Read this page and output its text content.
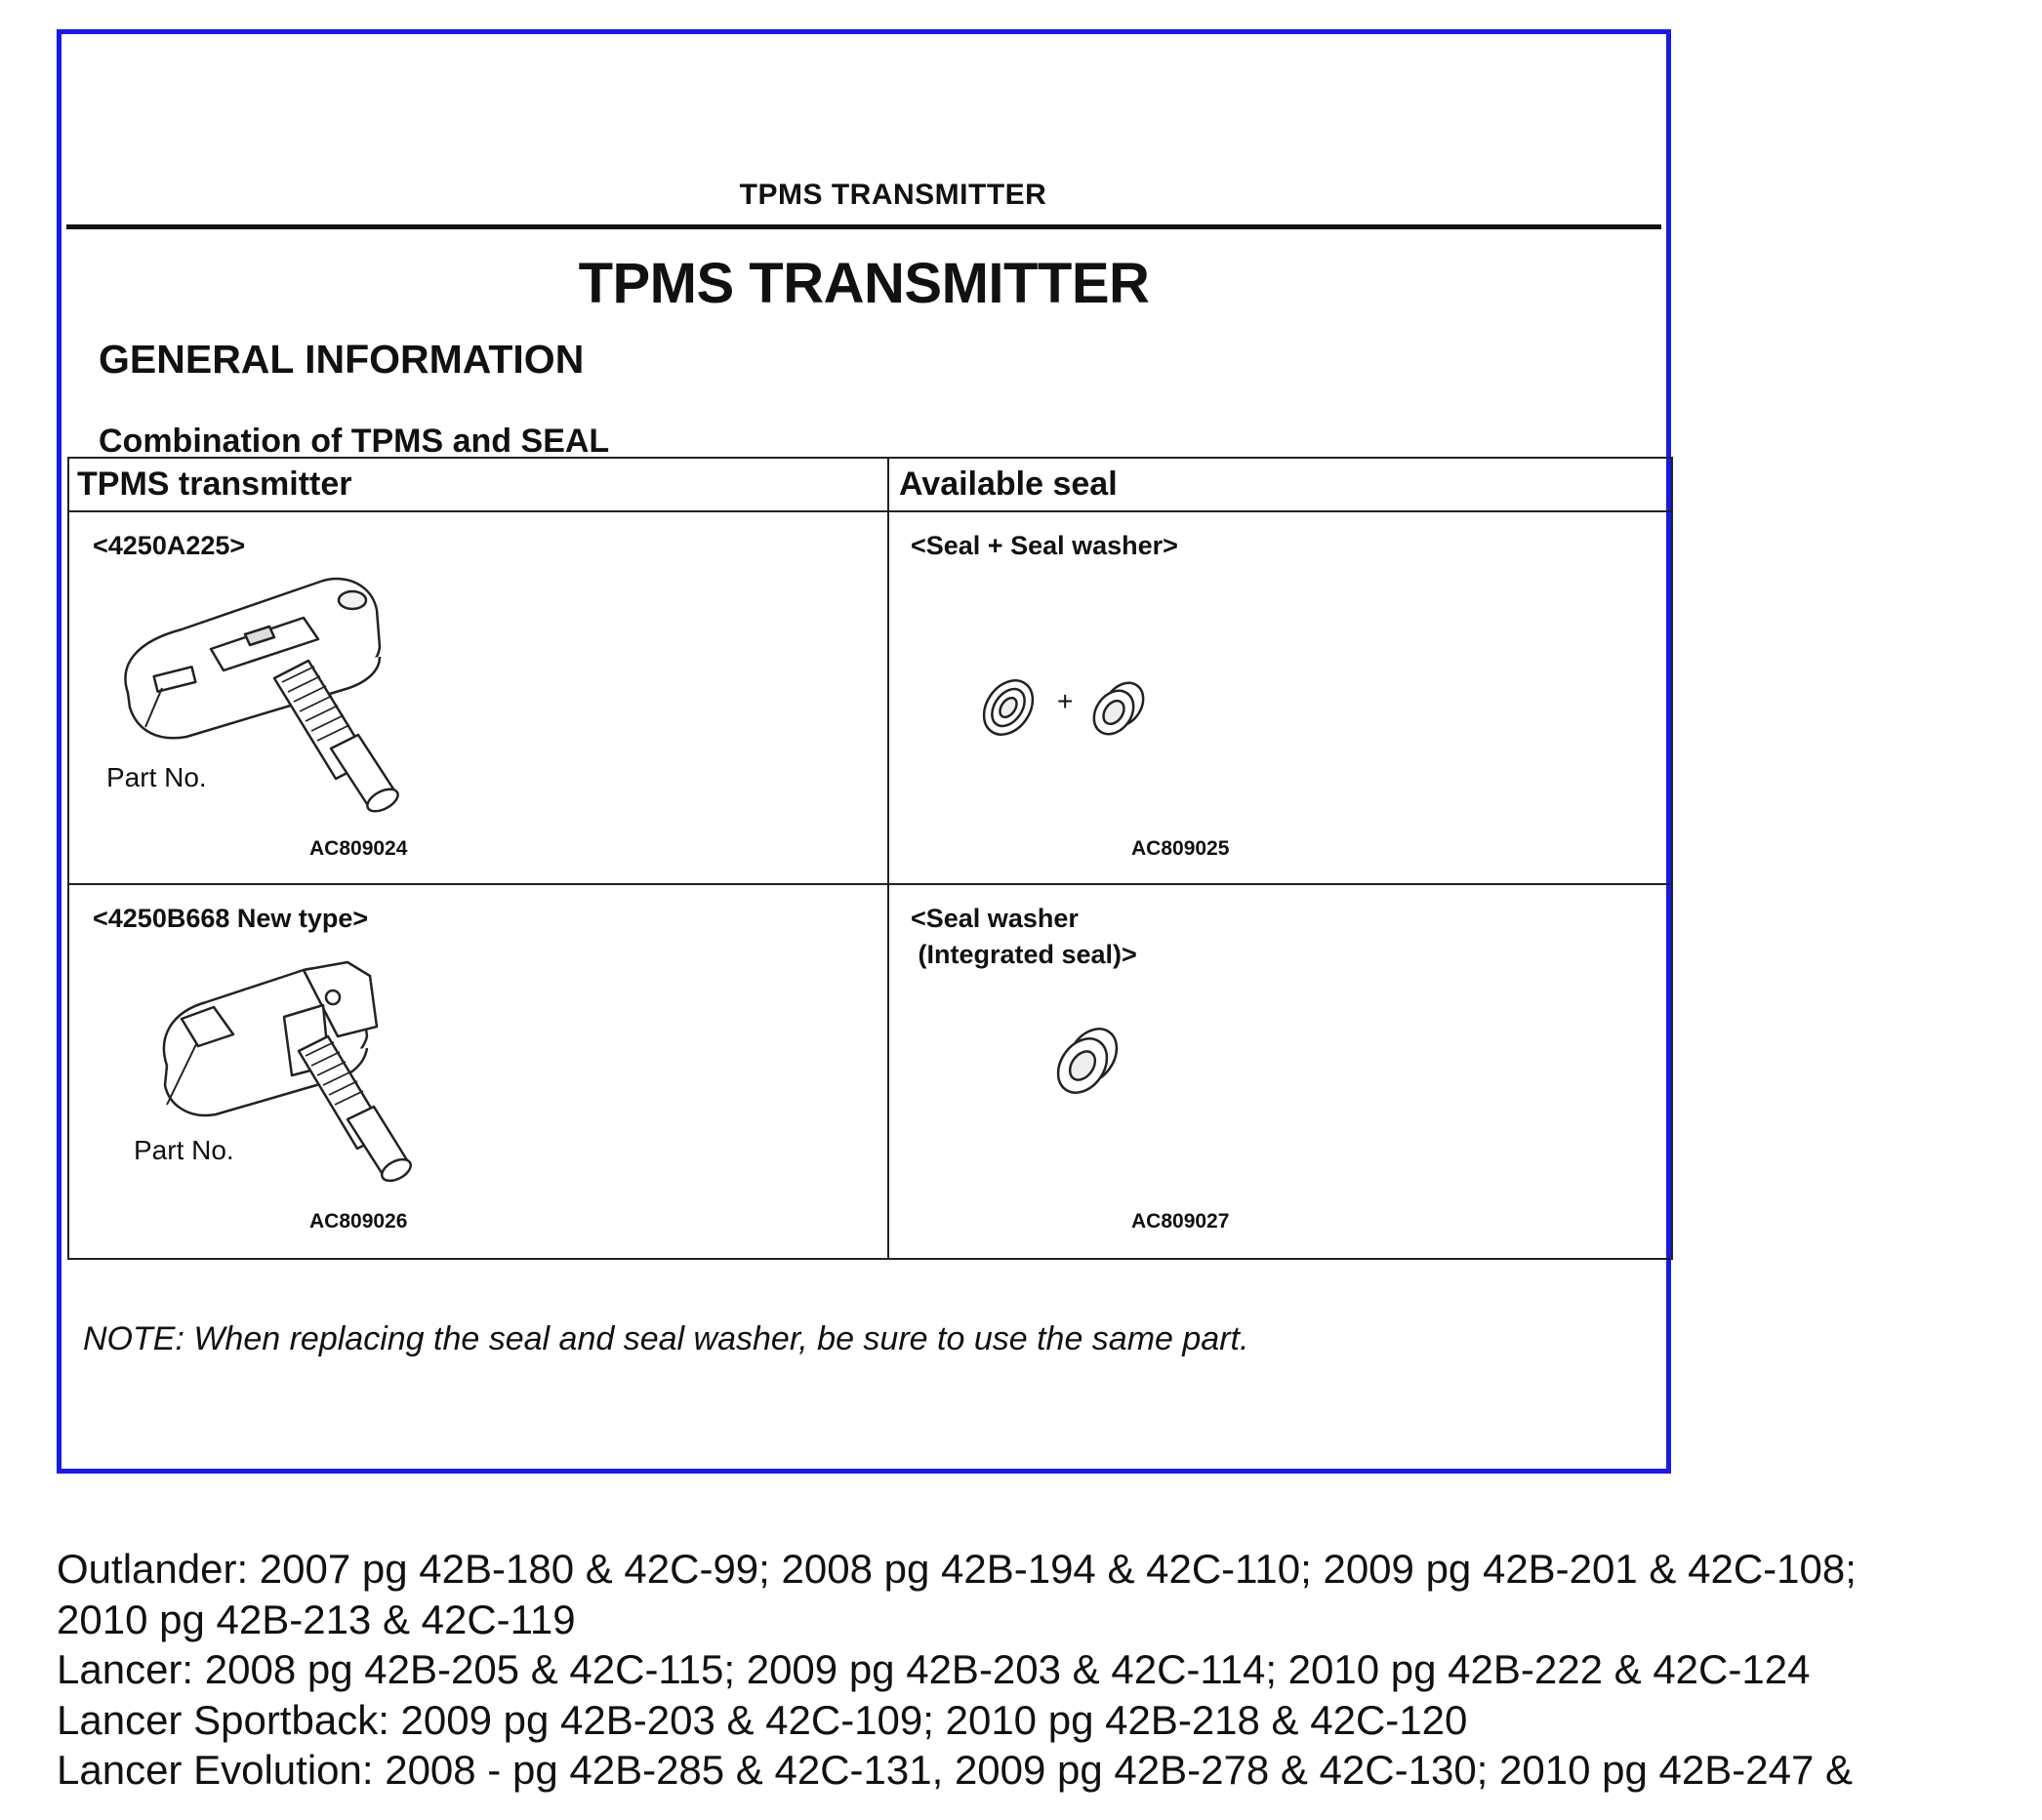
TPMS TRANSMITTER
TPMS TRANSMITTER
GENERAL INFORMATION
Combination of TPMS and SEAL
TPMS transmitter	Available seal
<4250A225>
Part No.
AC809024
<Seal + Seal washer>
+
AC809025
<4250B668 New type>
Part No.
AC809026
<Seal washer
(Integrated seal)>
AC809027
NOTE: When replacing the seal and seal washer, be sure to use the same part.
Outlander: 2007 pg 42B-180 & 42C-99; 2008 pg 42B-194 & 42C-110; 2009 pg 42B-201 & 42C-108;
2010 pg 42B-213 & 42C-119
Lancer: 2008 pg 42B-205 & 42C-115; 2009 pg 42B-203 & 42C-114; 2010 pg 42B-222 & 42C-124
Lancer Sportback: 2009 pg 42B-203 & 42C-109; 2010 pg 42B-218 & 42C-120
Lancer Evolution: 2008 - pg 42B-285 & 42C-131, 2009 pg 42B-278 & 42C-130; 2010 pg 42B-247 &
